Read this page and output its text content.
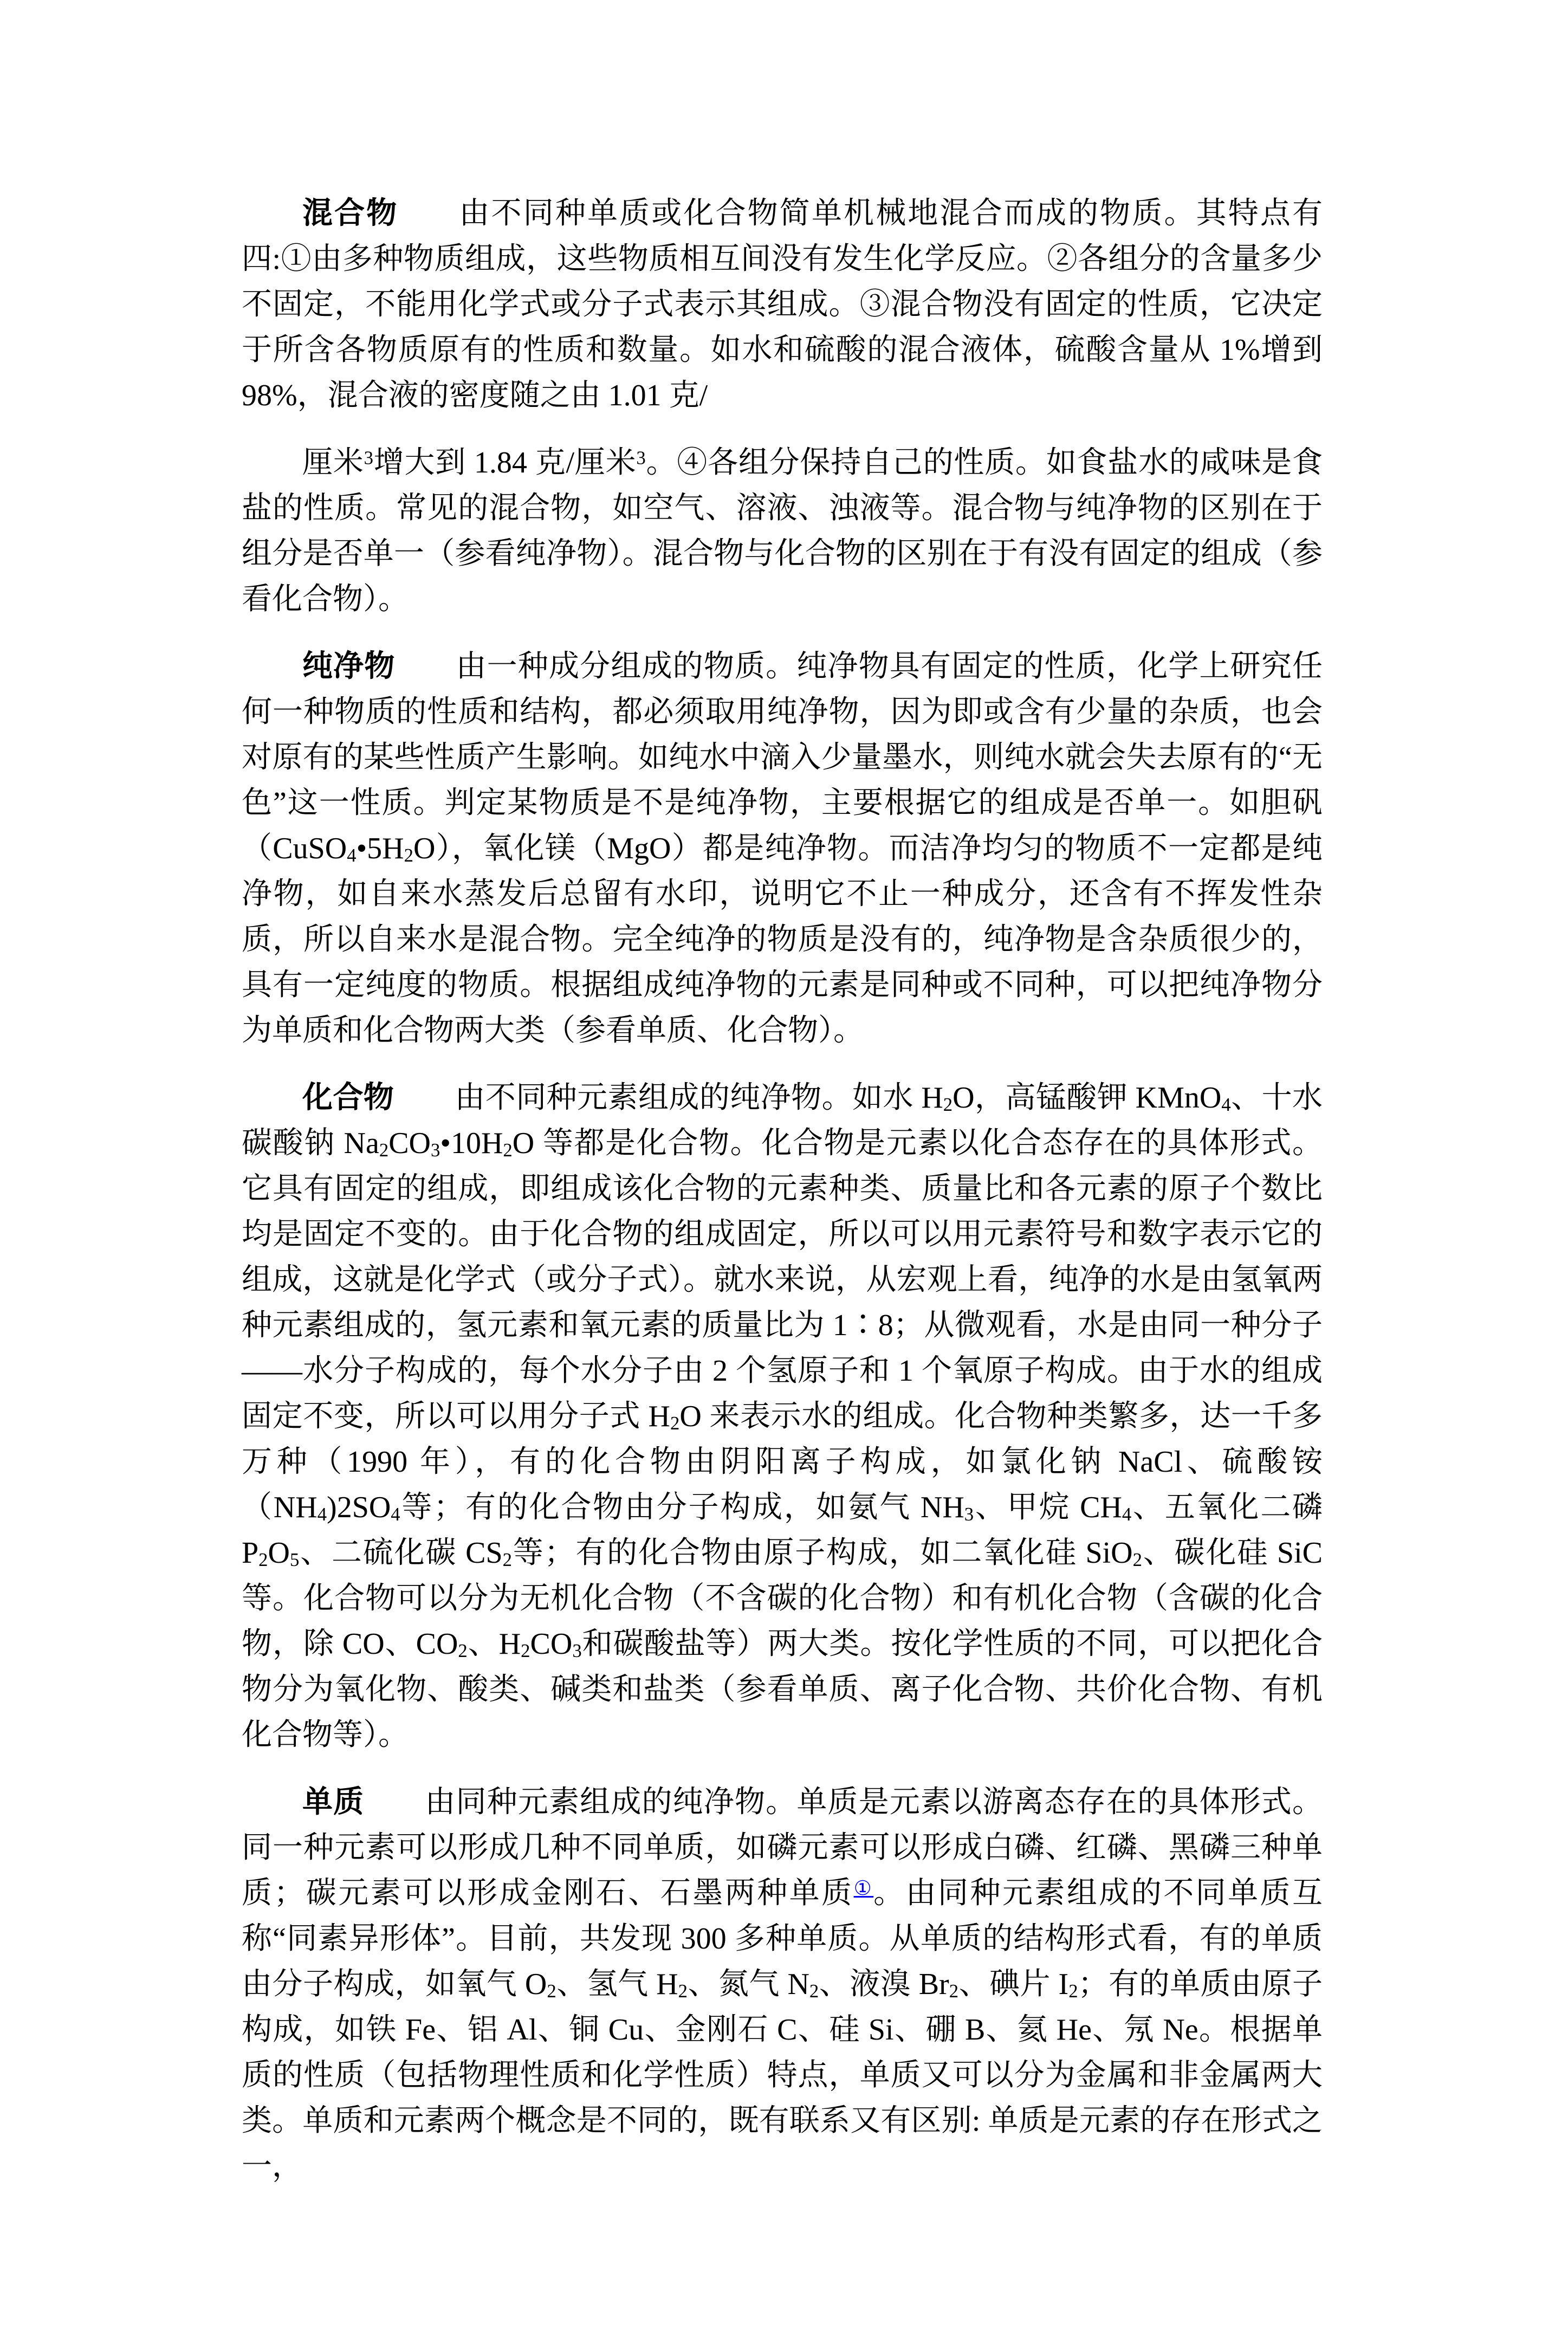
混合物 由不同种单质或化合物简单机械地混合而成的物质。其特点有四:①由多种物质组成，这些物质相互间没有发生化学反应。②各组分的含量多少不固定，不能用化学式或分子式表示其组成。③混合物没有固定的性质，它决定于所含各物质原有的性质和数量。如水和硫酸的混合液体，硫酸含量从 1%增到 98%，混合液的密度随之由 1.01 克/

厘米$^3$增大到 1.84 克/厘米$^3$。④各组分保持自己的性质。如食盐水的咸味是食盐的性质。常见的混合物，如空气、溶液、浊液等。混合物与纯净物的区别在于组分是否单一（参看纯净物）。混合物与化合物的区别在于有没有固定的组成（参看化合物）。

纯净物 由一种成分组成的物质。纯净物具有固定的性质，化学上研究任何一种物质的性质和结构，都必须取用纯净物，因为即或含有少量的杂质，也会对原有的某些性质产生影响。如纯水中滴入少量墨水，则纯水就会失去原有的“无色”这一性质。判定某物质是不是纯净物，主要根据它的组成是否单一。如胆矾$(CuSO_4•5H_2O)$，氧化镁（MgO）都是纯净物。而洁净均匀的物质不一定都是纯净物，如自来水蒸发后总留有水印，说明它不止一种成分，还含有不挥发性杂质，所以自来水是混合物。完全纯净的物质是没有的，纯净物是含杂质很少的，具有一定纯度的物质。根据组成纯净物的元素是同种或不同种，可以把纯净物分为单质和化合物两大类（参看单质、化合物）。

化合物 由不同种元素组成的纯净物。如水 $H_2O$，高锰酸钾 KMnO$_4$、十水碳酸钠 $Na_2CO_3•10H_2O$ 等都是化合物。化合物是元素以化合态存在的具体形式。它具有固定的组成，即组成该化合物的元素种类、质量比和各元素的原子个数比均是固定不变的。由于化合物的组成固定，所以可以用元素符号和数字表示它的组成，这就是化学式（或分子式）。就水来说，从宏观上看，纯净的水是由氢氧两种元素组成的，氢元素和氧元素的质量比为 1∶8；从微观看，水是由同一种分子——水分子构成的，每个水分子由 2 个氢原子和 1 个氧原子构成。由于水的组成固定不变，所以可以用分子式 $H_2O$ 来表示水的组成。化合物种类繁多，达一千多万种（1990 年），有的化合物由阴阳离子构成，如氯化钠 NaCl、硫酸铵$(NH_4)2SO_4$等；有的化合物由分子构成，如氨气 $NH_3$、甲烷 $CH_4$、五氧化二磷 $P_2O_5$、二硫化碳 $CS_2$等；有的化合物由原子构成，如二氧化硅 SiO$_2$、碳化硅 SiC 等。化合物可以分为无机化合物（不含碳的化合物）和有机化合物（含碳的化合物，除 CO、$CO_2$、$H_2CO_3$和碳酸盐等）两大类。按化学性质的不同，可以把化合物分为氧化物、酸类、碱类和盐类（参看单质、离子化合物、共价化合物、有机化合物等）。

单质 由同种元素组成的纯净物。单质是元素以游离态存在的具体形式。同一种元素可以形成几种不同单质，如磷元素可以形成白磷、红磷、黑磷三种单质；碳元素可以形成金刚石、石墨两种单质①。由同种元素组成的不同单质互称“同素异形体”。目前，共发现 300 多种单质。从单质的结构形式看，有的单质由分子构成，如氧气 $O_2$、氢气 $H_2$、氮气 $N_2$、液溴 $Br_2$、碘片 $I_2$；有的单质由原子构成，如铁 Fe、铝 Al、铜 Cu、金刚石 C、硅 Si、硼 B、氦 He、氖 Ne。根据单质的性质（包括物理性质和化学性质）特点，单质又可以分为金属和非金属两大类。单质和元素两个概念是不同的，既有联系又有区别: 单质是元素的存在形式之一，
